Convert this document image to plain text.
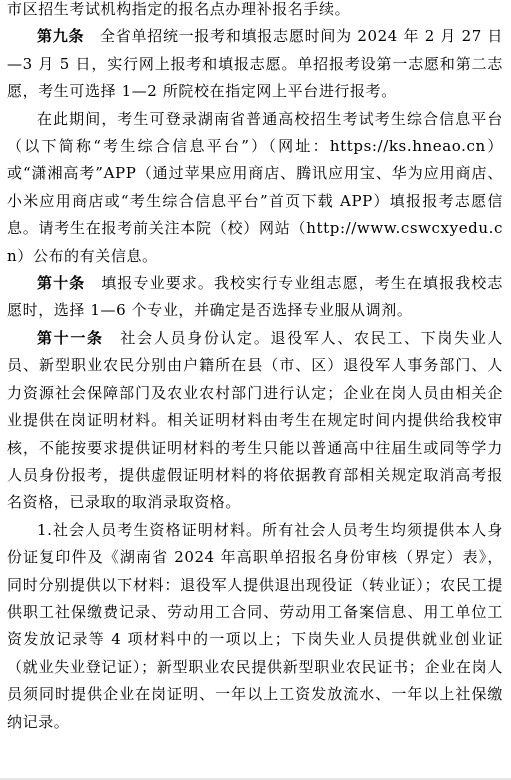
市区招生考试机构指定的报名点办理补报名手续。

第九条　全省单招统一报考和填报志愿时间为 2024 年 2 月 27 日—3 月 5 日，实行网上报考和填报志愿。单招报考设第一志愿和第二志愿，考生可选择 1—2 所院校在指定网上平台进行报考。

在此期间，考生可登录湖南省普通高校招生考试考生综合信息平台（以下简称“考生综合信息平台”）（网址：https://ks.hneao.cn）或“潇湘高考”APP（通过苹果应用商店、腾讯应用宝、华为应用商店、小米应用商店或“考生综合信息平台”首页下载 APP）填报报考志愿信息。请考生在报考前关注本院（校）网站（http://www.cswcxyedu.cn）公布的有关信息。

第十条　填报专业要求。我校实行专业组志愿，考生在填报我校志愿时，选择 1—6 个专业，并确定是否选择专业服从调剂。

第十一条　社会人员身份认定。退役军人、农民工、下岗失业人员、新型职业农民分别由户籍所在县（市、区）退役军人事务部门、人力资源社会保障部门及农业农村部门进行认定；企业在岗人员由相关企业提供在岗证明材料。相关证明材料由考生在规定时间内提供给我校审核，不能按要求提供证明材料的考生只能以普通高中往届生或同等学力人员身份报考，提供虚假证明材料的将依据教育部相关规定取消高考报名资格，已录取的取消录取资格。

1.社会人员考生资格证明材料。所有社会人员考生均须提供本人身份证复印件及《湖南省 2024 年高职单招报名身份审核（界定）表》，同时分别提供以下材料：退役军人提供退出现役证（转业证）；农民工提供职工社保缴费记录、劳动用工合同、劳动用工备案信息、用工单位工资发放记录等 4 项材料中的一项以上；下岗失业人员提供就业创业证（就业失业登记证）；新型职业农民提供新型职业农民证书；企业在岗人员须同时提供企业在岗证明、一年以上工资发放流水、一年以上社保缴纳记录。
